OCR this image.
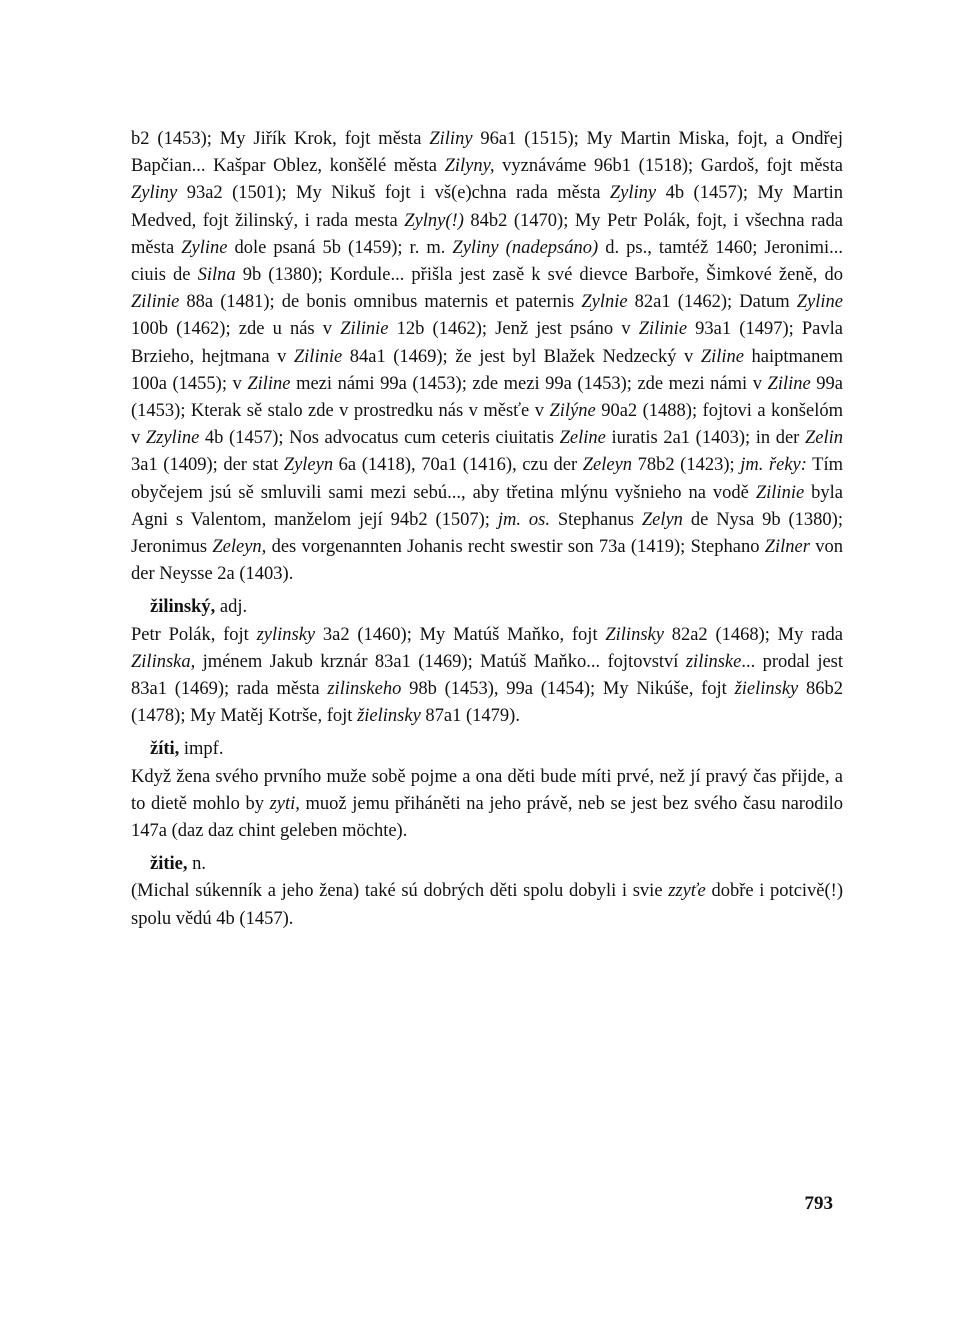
b2 (1453); My Jiřík Krok, fojt města Ziliny 96a1 (1515); My Martin Miska, fojt, a Ondřej Bapčian... Kašpar Oblez, konšělé města Zilyny, vyznáváme 96b1 (1518); Gardoš, fojt města Zyliny 93a2 (1501); My Nikuš fojt i vš(e)chna rada města Zyliny 4b (1457); My Martin Medved, fojt žilinský, i rada mesta Zylny(!) 84b2 (1470); My Petr Polák, fojt, i všechna rada města Zyline dole psaná 5b (1459); r. m. Zyliny (nadepsáno) d. ps., tamtéž 1460; Jeronimi... ciuis de Silna 9b (1380); Kordule... přišla jest zasě k své dievce Barboře, Šimkové ženě, do Zilinie 88a (1481); de bonis omnibus maternis et paternis Zylnie 82a1 (1462); Datum Zyline 100b (1462); zde u nás v Zilinie 12b (1462); Jenž jest psáno v Zilinie 93a1 (1497); Pavla Brzieho, hejtmana v Zilinie 84a1 (1469); že jest byl Blažek Nedzecký v Ziline haiptmanem 100a (1455); v Ziline mezi námi 99a (1453); zde mezi 99a (1453); zde mezi námi v Ziline 99a (1453); Kterak sě stalo zde v prostredku nás v měsťe v Zilýne 90a2 (1488); fojtovi a konšelóm v Zzyline 4b (1457); Nos advocatus cum ceteris ciuitatis Zeline iuratis 2a1 (1403); in der Zelin 3a1 (1409); der stat Zyleyn 6a (1418), 70a1 (1416), czu der Zeleyn 78b2 (1423); jm. řeky: Tím obyčejem jsú sě smluvili sami mezi sebú..., aby třetina mlýnu vyšnieho na vodě Zilinie byla Agni s Valentom, manželom její 94b2 (1507); jm. os. Stephanus Zelyn de Nysa 9b (1380); Jeronimus Zeleyn, des vorgenannten Johanis recht swestir son 73a (1419); Stephano Zilner von der Neysse 2a (1403).

žilinský, adj.

Petr Polák, fojt zylinsky 3a2 (1460); My Matúš Maňko, fojt Zilinsky 82a2 (1468); My rada Zilinska, jménem Jakub krznár 83a1 (1469); Matúš Maňko... fojtovství zilinske... prodal jest 83a1 (1469); rada města zilinskeho 98b (1453), 99a (1454); My Nikúše, fojt žielinsky 86b2 (1478); My Matěj Kotrše, fojt žielinsky 87a1 (1479).

žíti, impf.

Když žena svého prvního muže sobě pojme a ona děti bude míti prvé, než jí pravý čas přijde, a to dietě mohlo by zyti, muož jemu přiháněti na jeho právě, neb se jest bez svého času narodilo 147a (daz daz chint geleben möchte).

žitie, n.

(Michal súkenník a jeho žena) také sú dobrých děti spolu dobyli i svie zzyťe dobře i potcivě(!) spolu vědú 4b (1457).

793
